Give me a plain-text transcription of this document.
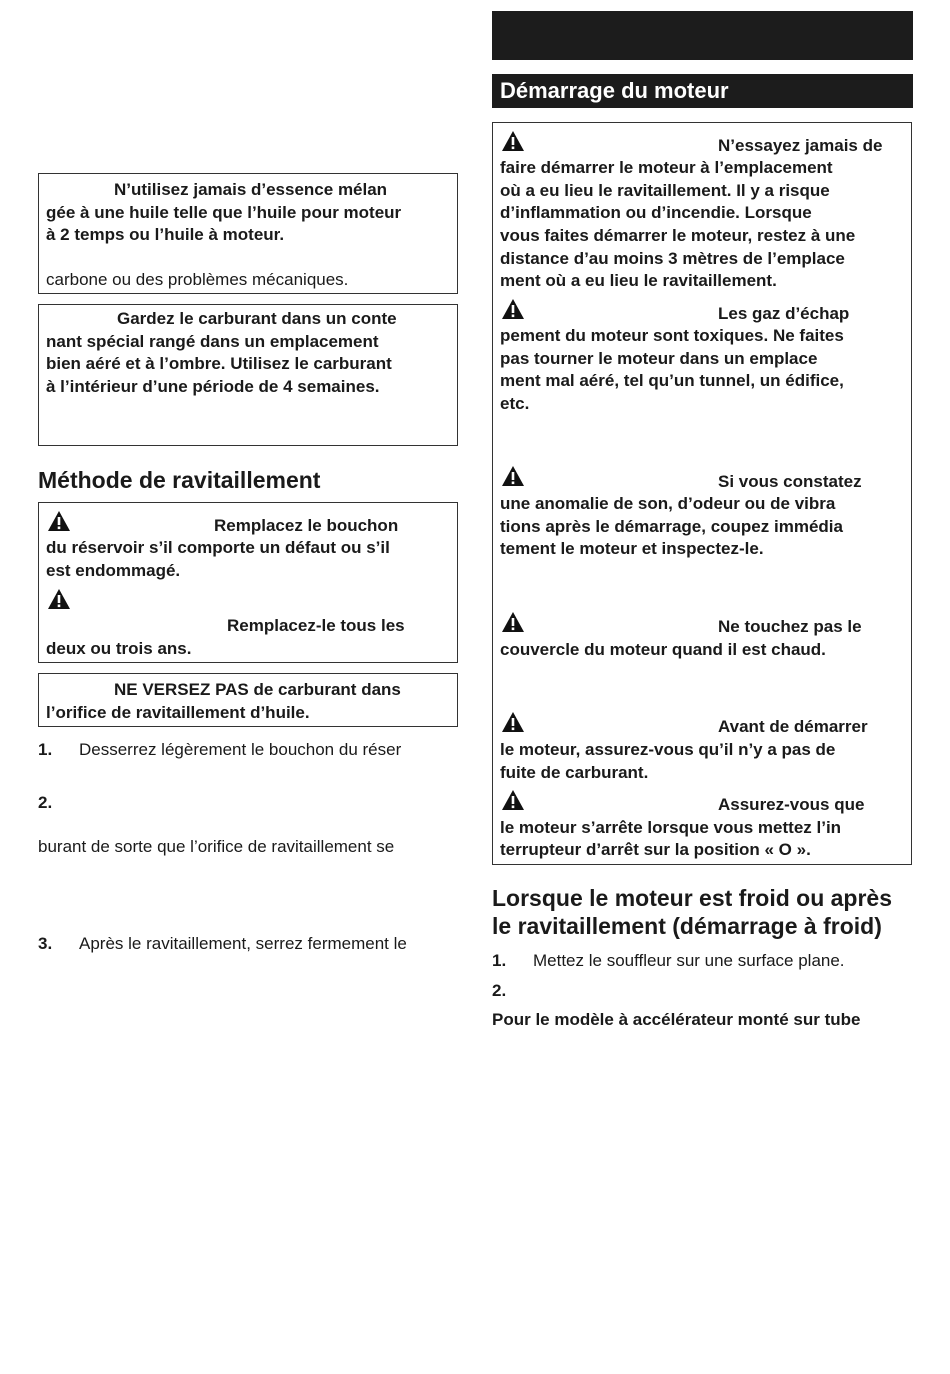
Démarrage du moteur
N’essayez jamais de
faire démarrer le moteur à l’emplacement
où a eu lieu le ravitaillement. Il y a risque
d’inflammation ou d’incendie. Lorsque
vous faites démarrer le moteur, restez à une
distance d’au moins 3 mètres de l’emplace
ment où a eu lieu le ravitaillement.
Les gaz d’échap
pement du moteur sont toxiques. Ne faites
pas tourner le moteur dans un emplace
ment mal aéré, tel qu’un tunnel, un édifice,
etc.
Si vous constatez
une anomalie de son, d’odeur ou de vibra
tions après le démarrage, coupez immédia
tement le moteur et inspectez-le.
Ne touchez pas le
couvercle du moteur quand il est chaud.
Avant de démarrer
le moteur, assurez-vous qu’il n’y a pas de
fuite de carburant.
Assurez-vous que
le moteur s’arrête lorsque vous mettez l’in
terrupteur d’arrêt sur la position « O ».
Lorsque le moteur est froid ou après
le ravitaillement (démarrage à froid)
1. Mettez le souffleur sur une surface plane.
2.
Pour le modèle à accélérateur monté sur tube
N’utilisez jamais d’essence mélan
gée à une huile telle que l’huile pour moteur
à 2 temps ou l’huile à moteur.
carbone ou des problèmes mécaniques.
Gardez le carburant dans un conte
nant spécial rangé dans un emplacement
bien aéré et à l’ombre. Utilisez le carburant
à l’intérieur d’une période de 4 semaines.
Méthode de ravitaillement
Remplacez le bouchon
du réservoir s’il comporte un défaut ou s’il
est endommagé.
Remplacez-le tous les
deux ou trois ans.
NE VERSEZ PAS de carburant dans
l’orifice de ravitaillement d’huile.
1. Desserrez légèrement le bouchon du réser
2.
burant de sorte que l’orifice de ravitaillement se
3. Après le ravitaillement, serrez fermement le
